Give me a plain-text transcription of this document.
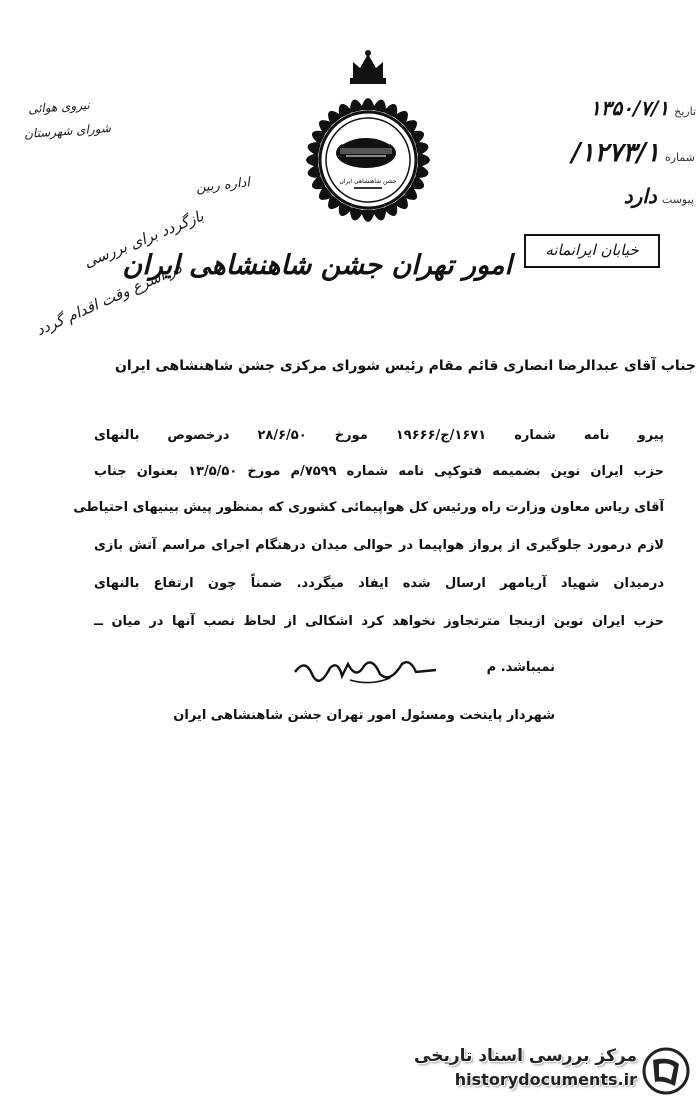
جشن شاهنشاهی ایران
امور تهران جشن شاهنشاهی ایران
تاریخ ۱۳۵۰/۷/۱
شماره ۱۲۷۳/۱/
پیوست دارد
خیابان ایرانمانه
نیروی هوائی
شورای شهرستان
اداره ربین
بازگردد برای بررسی
در اسرع وقت اقدام گردد
جناب آقای عبدالرضا انصاری قائم مقام رئیس شورای مرکزی جشن شاهنشاهی ایران
پیرو نامه شماره ۱۶۷۱/ج/۱۹۶۶۶ مورخ ۲۸/۶/۵۰ درخصوص بالنهای
حزب ایران نوین بضمیمه فتوکپی نامه شماره ۷۵۹۹/م مورخ ۱۳/۵/۵۰ بعنوان جناب
آقای ریاس معاون وزارت راه ورئیس کل هواپیمائی کشوری که بمنظور پیش بینیهای احتیاطی
لازم درمورد جلوگیری از پرواز هواپیما در حوالی میدان درهنگام اجرای مراسم آتش بازی
درمیدان شهیاد آریامهر ارسال شده ایفاد میگردد. ضمناً چون ارتفاع بالنهای
حزب ایران نوین ازینجا مترتجاوز نخواهد کرد اشکالی از لحاظ نصب آنها در میان ــ
نمیباشد. م
شهردار پایتخت ومسئول امور تهران جشن شاهنشاهی ایران
مرکز بررسی اسناد تاریخی
historydocuments.ir
